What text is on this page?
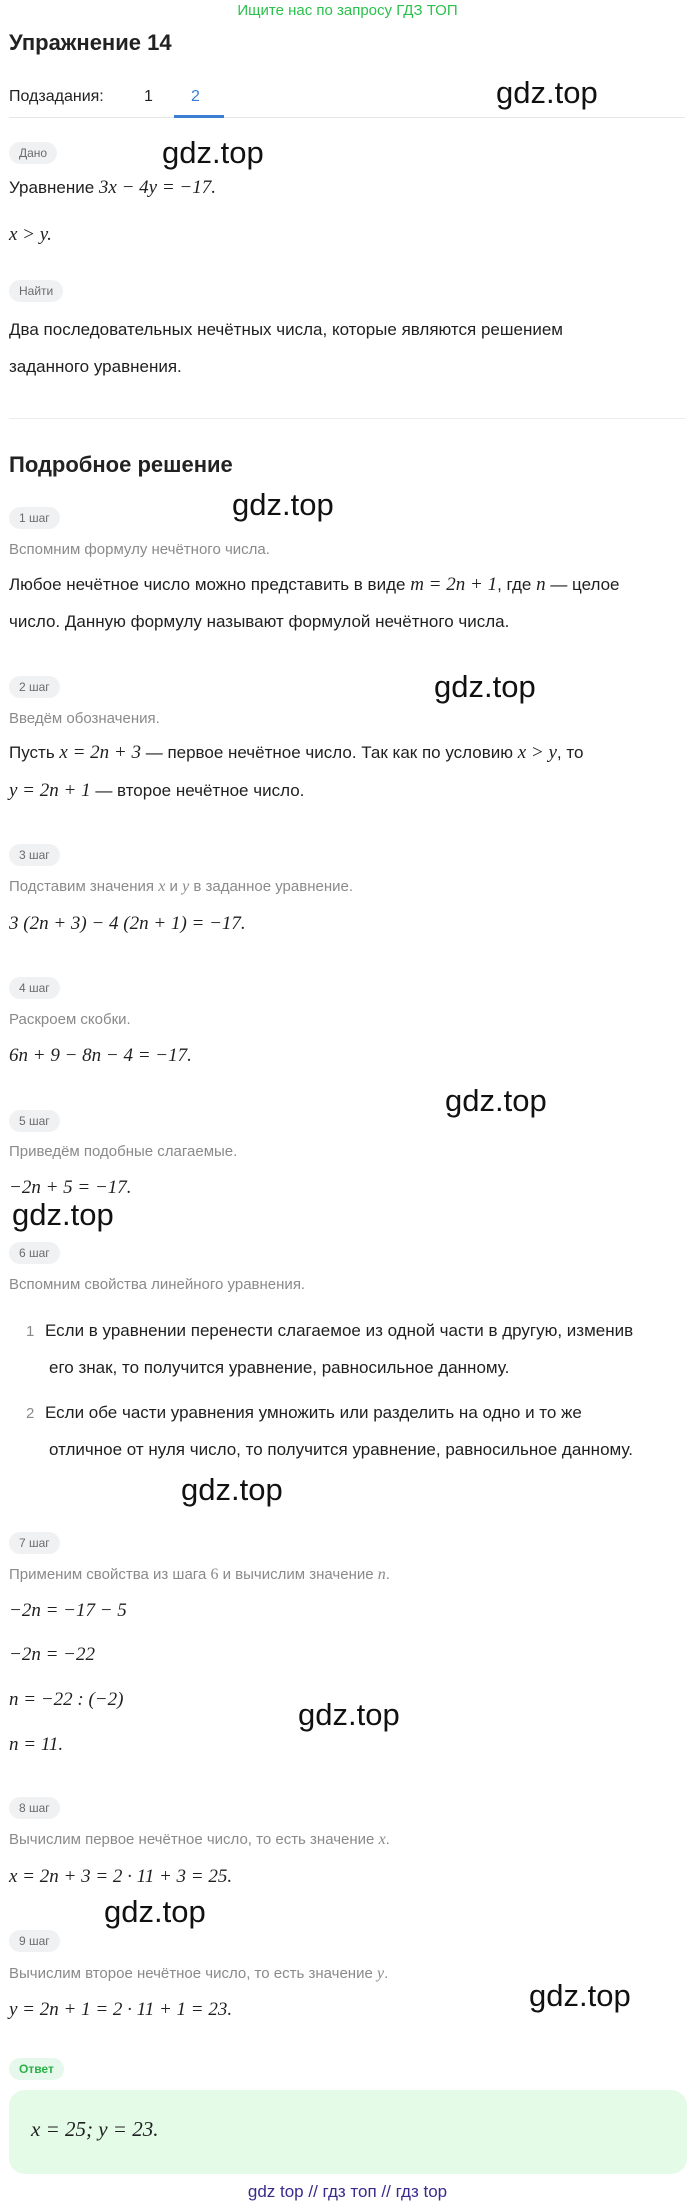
Ищите нас по запросу ГДЗ ТОП
Упражнение 14
Подзадания:	1 2	gdz.top
gdz.top
gdz.top
gdz.top
gdz.top
gdz.top
gdz.top
gdz.top
gdz.top
gdz.top
Дано
Уравнение 3x − 4y = −17.
x > y.
Найти
Два последовательных нечётных числа, которые являются решением
заданного уравнения.
Подробное решение
1 шаг
Вспомним формулу нечётного числа.
Любое нечётное число можно представить в виде m = 2n + 1, где n — целое
число. Данную формулу называют формулой нечётного числа.
2 шаг
Введём обозначения.
Пусть x = 2n + 3 — первое нечётное число. Так как по условию x > y, то
y = 2n + 1 — второе нечётное число.
3 шаг
Подставим значения x и y в заданное уравнение.
3 (2n + 3) − 4 (2n + 1) = −17.
4 шаг
Раскроем скобки.
6n + 9 − 8n − 4 = −17.
5 шаг
Приведём подобные слагаемые.
−2n + 5 = −17.
6 шаг
Вспомним свойства линейного уравнения.
1 Если в уравнении перенести слагаемое из одной части в другую, изменив
его знак, то получится уравнение, равносильное данному.
2 Если обе части уравнения умножить или разделить на одно и то же
отличное от нуля число, то получится уравнение, равносильное данному.
7 шаг
Применим свойства из шага 6 и вычислим значение n.
−2n = −17 − 5
−2n = −22
n = −22 : (−2)
n = 11.
8 шаг
Вычислим первое нечётное число, то есть значение x.
x = 2n + 3 = 2 · 11 + 3 = 25.
9 шаг
Вычислим второе нечётное число, то есть значение y.
y = 2n + 1 = 2 · 11 + 1 = 23.
Ответ
x = 25; y = 23.
gdz top // гдз топ // гдз top
